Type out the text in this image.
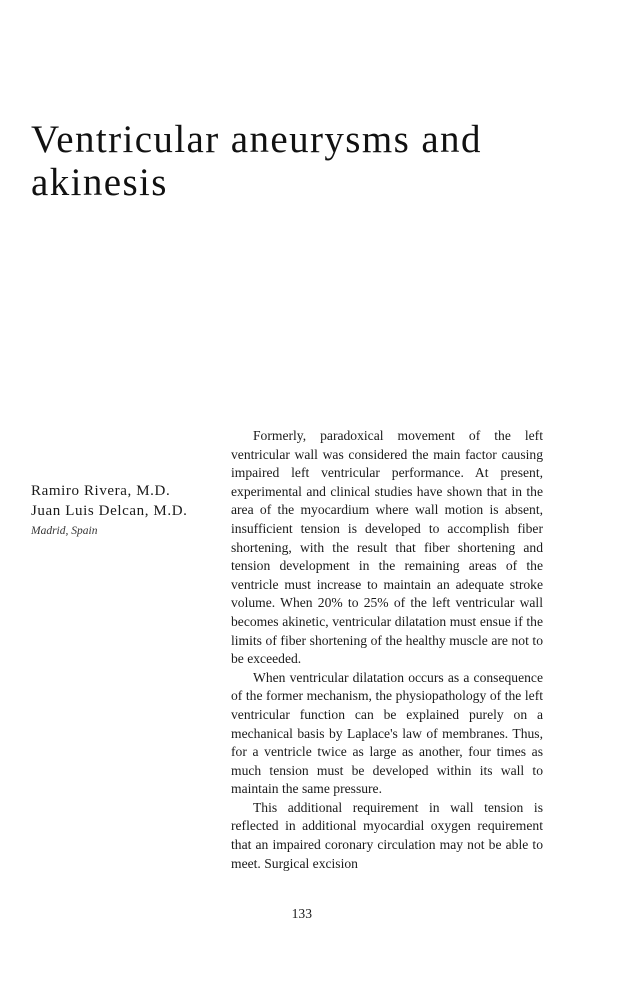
Ventricular aneurysms and
akinesis
Ramiro Rivera, M.D.
Juan Luis Delcan, M.D.
Madrid, Spain

Formerly, paradoxical movement of the left ventricular wall was considered the main factor causing impaired left ventricular performance. At present, experimental and clinical studies have shown that in the area of the myocardium where wall motion is absent, insufficient tension is developed to accomplish fiber shortening, with the result that fiber shortening and tension development in the remaining areas of the ventricle must increase to maintain an adequate stroke volume. When 20% to 25% of the left ventricular wall becomes akinetic, ventricular dilatation must ensue if the limits of fiber shortening of the healthy muscle are not to be exceeded.

When ventricular dilatation occurs as a consequence of the former mechanism, the physiopathology of the left ventricular function can be explained purely on a mechanical basis by Laplace's law of membranes. Thus, for a ventricle twice as large as another, four times as much tension must be developed within its wall to maintain the same pressure.

This additional requirement in wall tension is reflected in additional myocardial oxygen requirement that an impaired coronary circulation may not be able to meet. Surgical excision

133
